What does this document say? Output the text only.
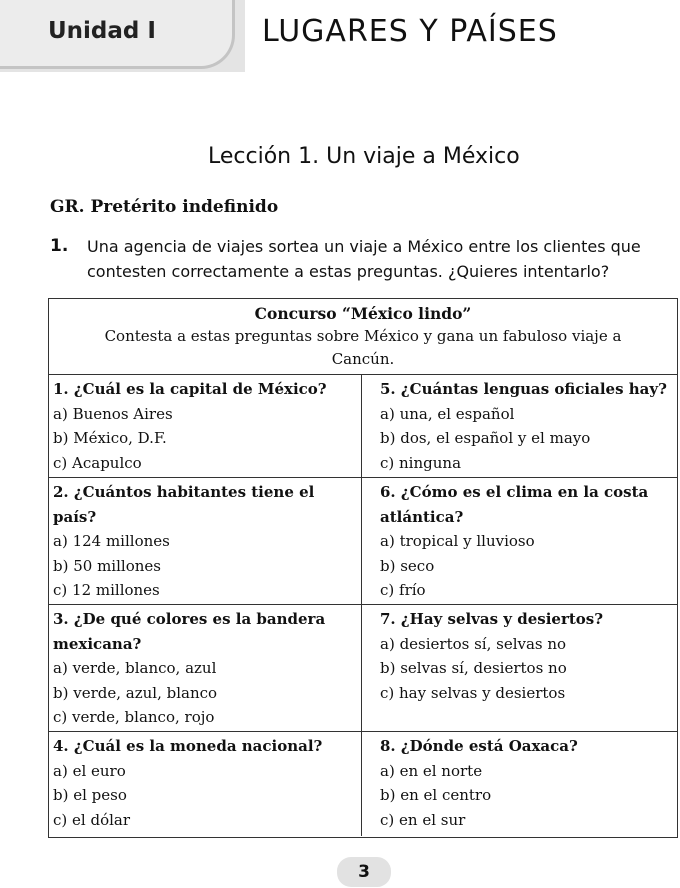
Unidad I	LUGARES Y PAÍSES
Lección 1. Un viaje a México
GR. Pretérito indefinido
1. Una agencia de viajes sortea un viaje a México entre los clientes que contesten correctamente a estas preguntas. ¿Quieres intentarlo?
Concurso “México lindo”
Contesta a estas preguntas sobre México y gana un fabuloso viaje a Cancún.
1. ¿Cuál es la capital de México?
a) Buenos Aires
b) México, D.F.
c) Acapulco
5. ¿Cuántas lenguas oficiales hay?
a) una, el español
b) dos, el español y el mayo
c) ninguna
2. ¿Cuántos habitantes tiene el país?
a) 124 millones
b) 50 millones
c) 12 millones
6. ¿Cómo es el clima en la costa atlántica?
a) tropical y lluvioso
b) seco
c) frío
3. ¿De qué colores es la bandera mexicana?
a) verde, blanco, azul
b) verde, azul, blanco
c) verde, blanco, rojo
7. ¿Hay selvas y desiertos?
a) desiertos sí, selvas no
b) selvas sí, desiertos no
c) hay selvas y desiertos
4. ¿Cuál es la moneda nacional?
a) el euro
b) el peso
c) el dólar
8. ¿Dónde está Oaxaca?
a) en el norte
b) en el centro
c) en el sur
3
